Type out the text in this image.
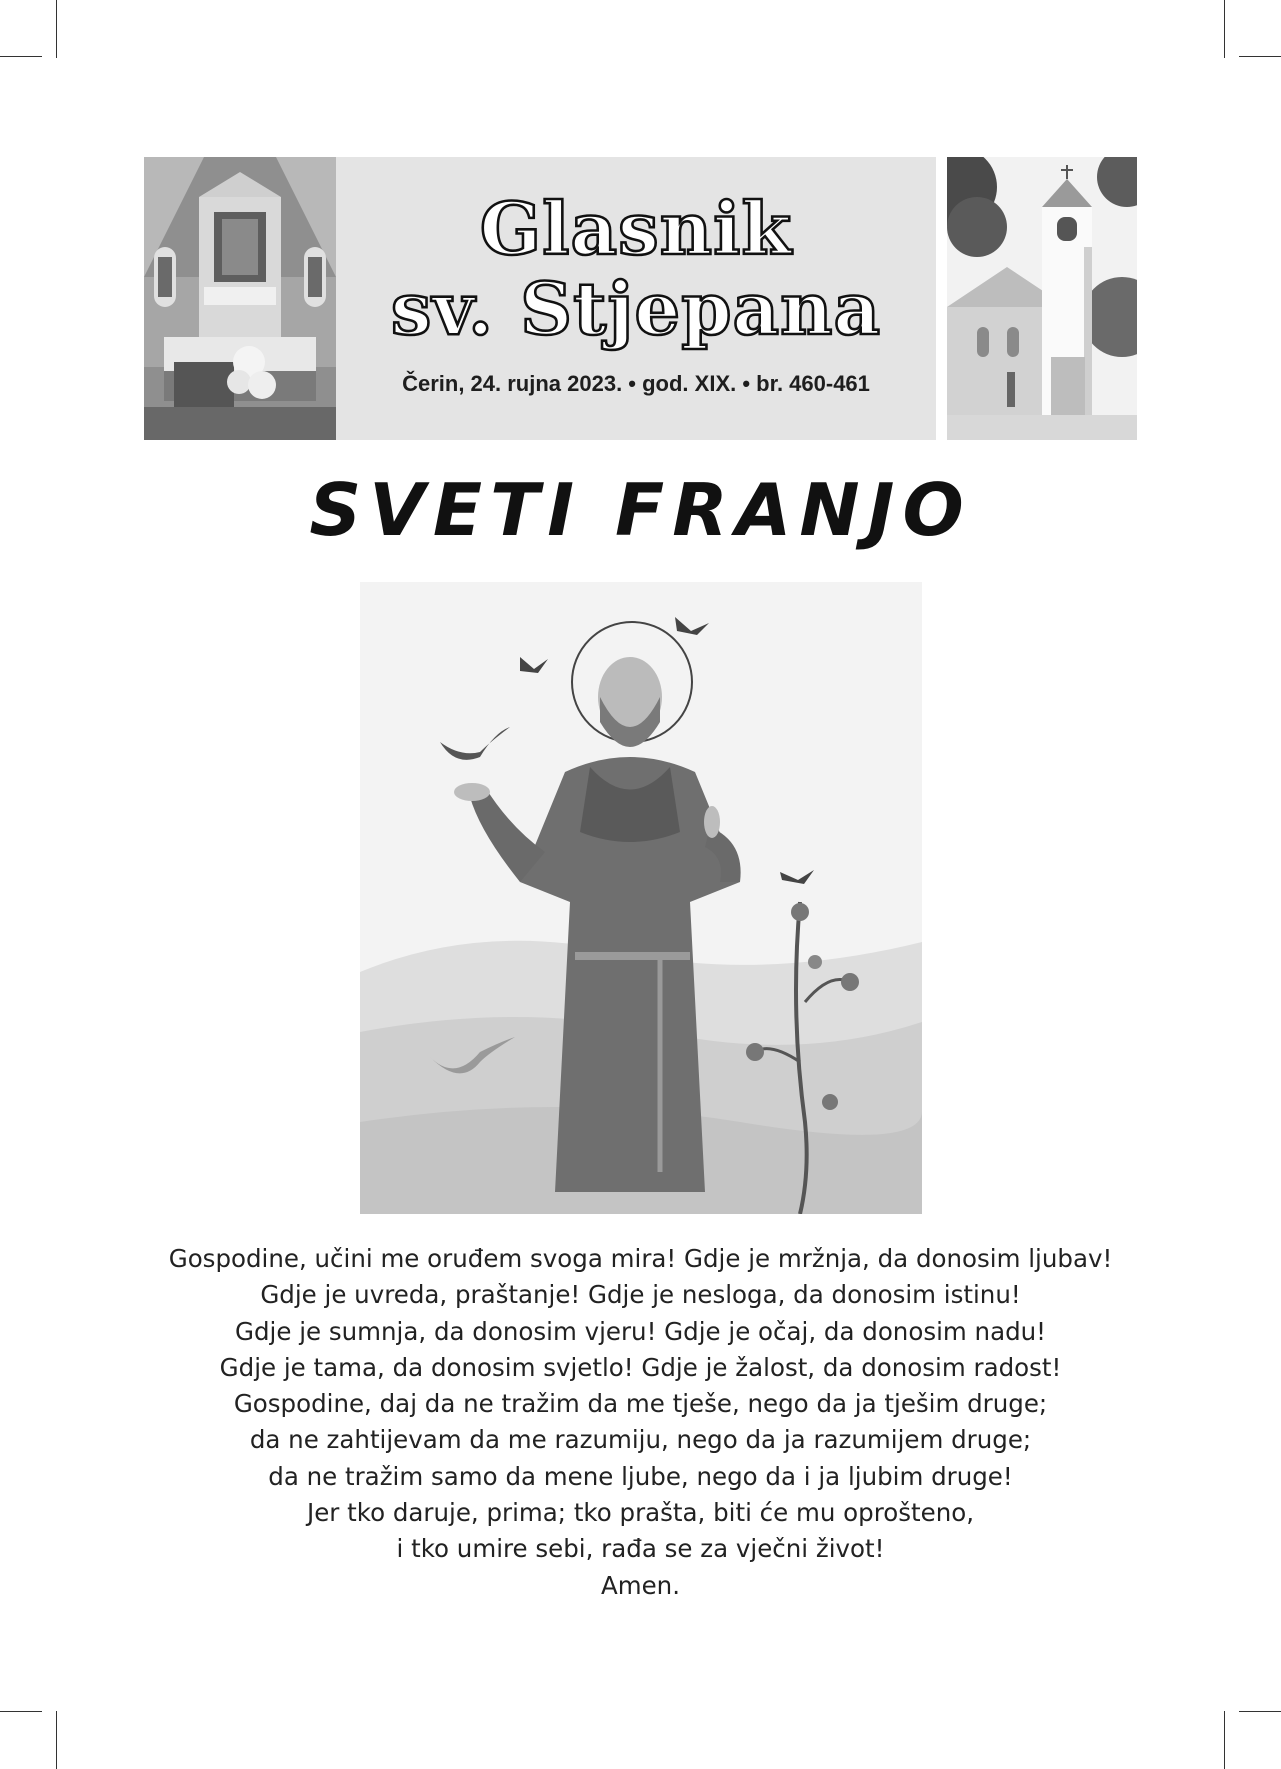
Glasnik
sv. Stjepana
Čerin, 24. rujna 2023. • god. XIX. • br. 460-461
SVETI FRANJO
Gospodine, učini me oruđem svoga mira! Gdje je mržnja, da donosim ljubav!
Gdje je uvreda, praštanje! Gdje je nesloga, da donosim istinu!
Gdje je sumnja, da donosim vjeru! Gdje je očaj, da donosim nadu!
Gdje je tama, da donosim svjetlo! Gdje je žalost, da donosim radost!
Gospodine, daj da ne tražim da me tješe, nego da ja tješim druge;
da ne zahtijevam da me razumiju, nego da ja razumijem druge;
da ne tražim samo da mene ljube, nego da i ja ljubim druge!
Jer tko daruje, prima; tko prašta, biti će mu oprošteno,
i tko umire sebi, rađa se za vječni život!
Amen.
